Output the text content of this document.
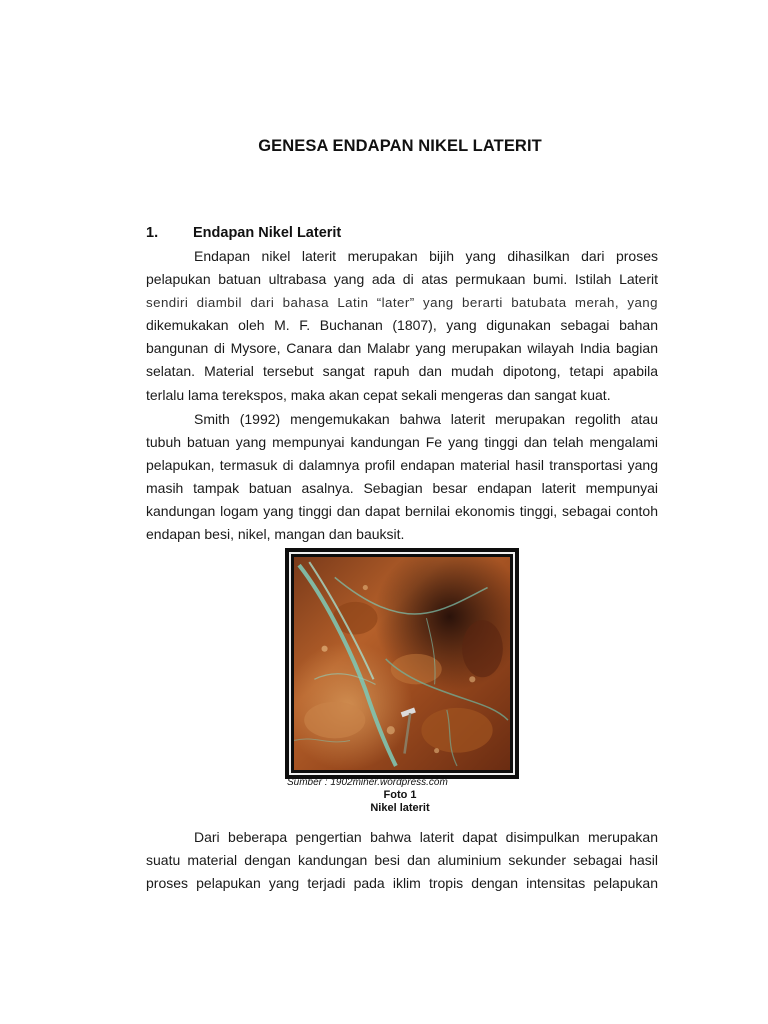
GENESA ENDAPAN NIKEL LATERIT
1. Endapan Nikel Laterit
Endapan nikel laterit merupakan bijih yang dihasilkan dari proses
pelapukan batuan ultrabasa yang ada di atas permukaan bumi. Istilah Laterit
sendiri diambil dari bahasa Latin “later” yang berarti batubata merah, yang
dikemukakan oleh M. F. Buchanan (1807), yang digunakan sebagai bahan
bangunan di Mysore, Canara dan Malabr yang merupakan wilayah India bagian
selatan. Material tersebut sangat rapuh dan mudah dipotong, tetapi apabila
terlalu lama terekspos, maka akan cepat sekali mengeras dan sangat kuat.
Smith (1992) mengemukakan bahwa laterit merupakan regolith atau
tubuh batuan yang mempunyai kandungan Fe yang tinggi dan telah mengalami
pelapukan, termasuk di dalamnya profil endapan material hasil transportasi yang
masih tampak batuan asalnya. Sebagian besar endapan laterit mempunyai
kandungan logam yang tinggi dan dapat bernilai ekonomis tinggi, sebagai contoh
endapan besi, nikel, mangan dan bauksit.
Sumber : 1902miner.wordpress.com
Foto 1
Nikel laterit
Dari beberapa pengertian bahwa laterit dapat disimpulkan merupakan
suatu material dengan kandungan besi dan aluminium sekunder sebagai hasil
proses pelapukan yang terjadi pada iklim tropis dengan intensitas pelapukan
